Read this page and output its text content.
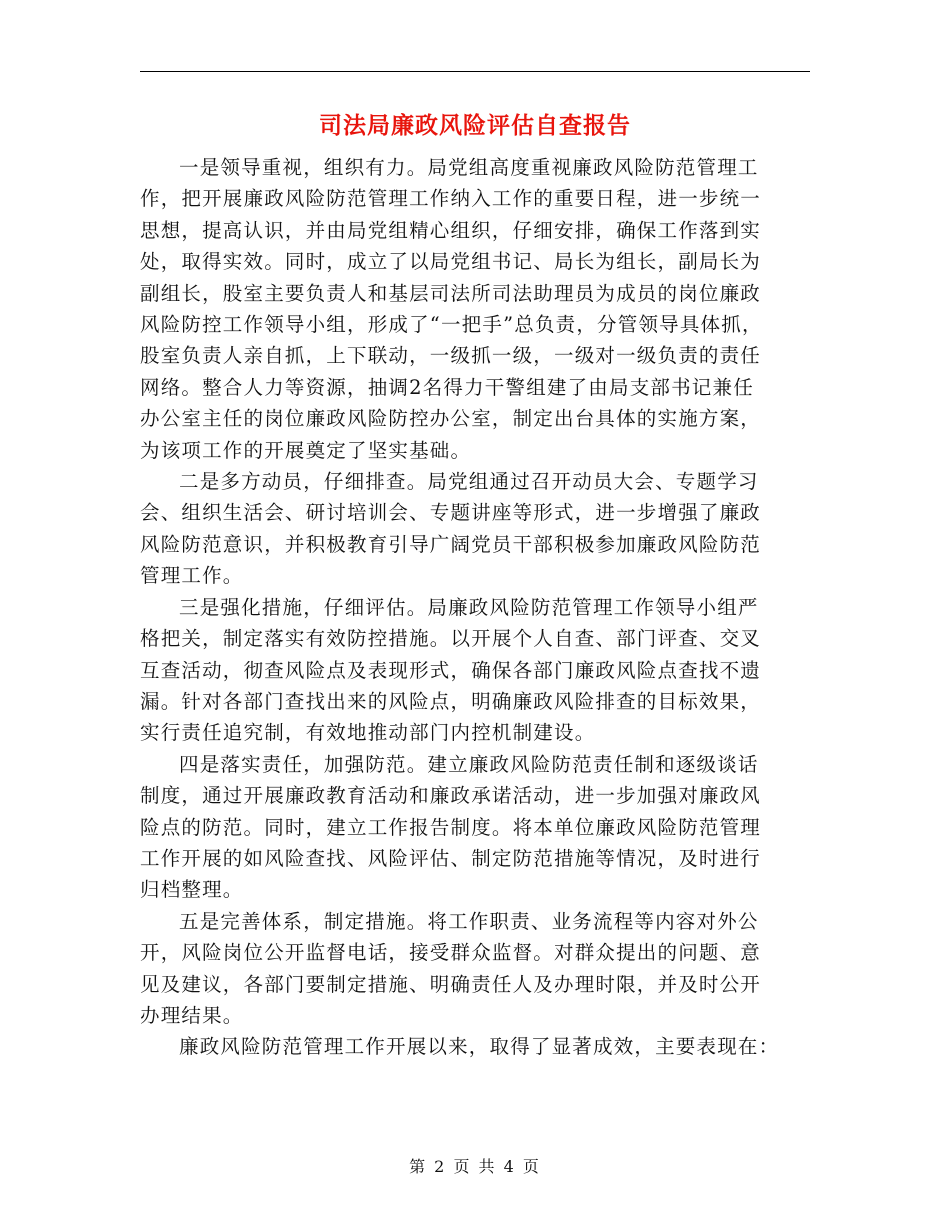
司法局廉政风险评估自查报告

一是领导重视，组织有力。局党组高度重视廉政风险防范管理工
作，把开展廉政风险防范管理工作纳入工作的重要日程，进一步统一
思想，提高认识，并由局党组精心组织，仔细安排，确保工作落到实
处，取得实效。同时，成立了以局党组书记、局长为组长，副局长为
副组长，股室主要负责人和基层司法所司法助理员为成员的岗位廉政
风险防控工作领导小组，形成了“一把手”总负责，分管领导具体抓，
股室负责人亲自抓，上下联动，一级抓一级，一级对一级负责的责任
网络。整合人力等资源，抽调2名得力干警组建了由局支部书记兼任
办公室主任的岗位廉政风险防控办公室，制定出台具体的实施方案，
为该项工作的开展奠定了坚实基础。

二是多方动员，仔细排查。局党组通过召开动员大会、专题学习
会、组织生活会、研讨培训会、专题讲座等形式，进一步增强了廉政
风险防范意识，并积极教育引导广阔党员干部积极参加廉政风险防范
管理工作。

三是强化措施，仔细评估。局廉政风险防范管理工作领导小组严
格把关，制定落实有效防控措施。以开展个人自查、部门评查、交叉
互查活动，彻查风险点及表现形式，确保各部门廉政风险点查找不遗
漏。针对各部门查找出来的风险点，明确廉政风险排查的目标效果，
实行责任追究制，有效地推动部门内控机制建设。

四是落实责任，加强防范。建立廉政风险防范责任制和逐级谈话
制度，通过开展廉政教育活动和廉政承诺活动，进一步加强对廉政风
险点的防范。同时，建立工作报告制度。将本单位廉政风险防范管理
工作开展的如风险查找、风险评估、制定防范措施等情况，及时进行
归档整理。

五是完善体系，制定措施。将工作职责、业务流程等内容对外公
开，风险岗位公开监督电话，接受群众监督。对群众提出的问题、意
见及建议，各部门要制定措施、明确责任人及办理时限，并及时公开
办理结果。

廉政风险防范管理工作开展以来，取得了显著成效，主要表现在：

第 2 页 共 4 页
